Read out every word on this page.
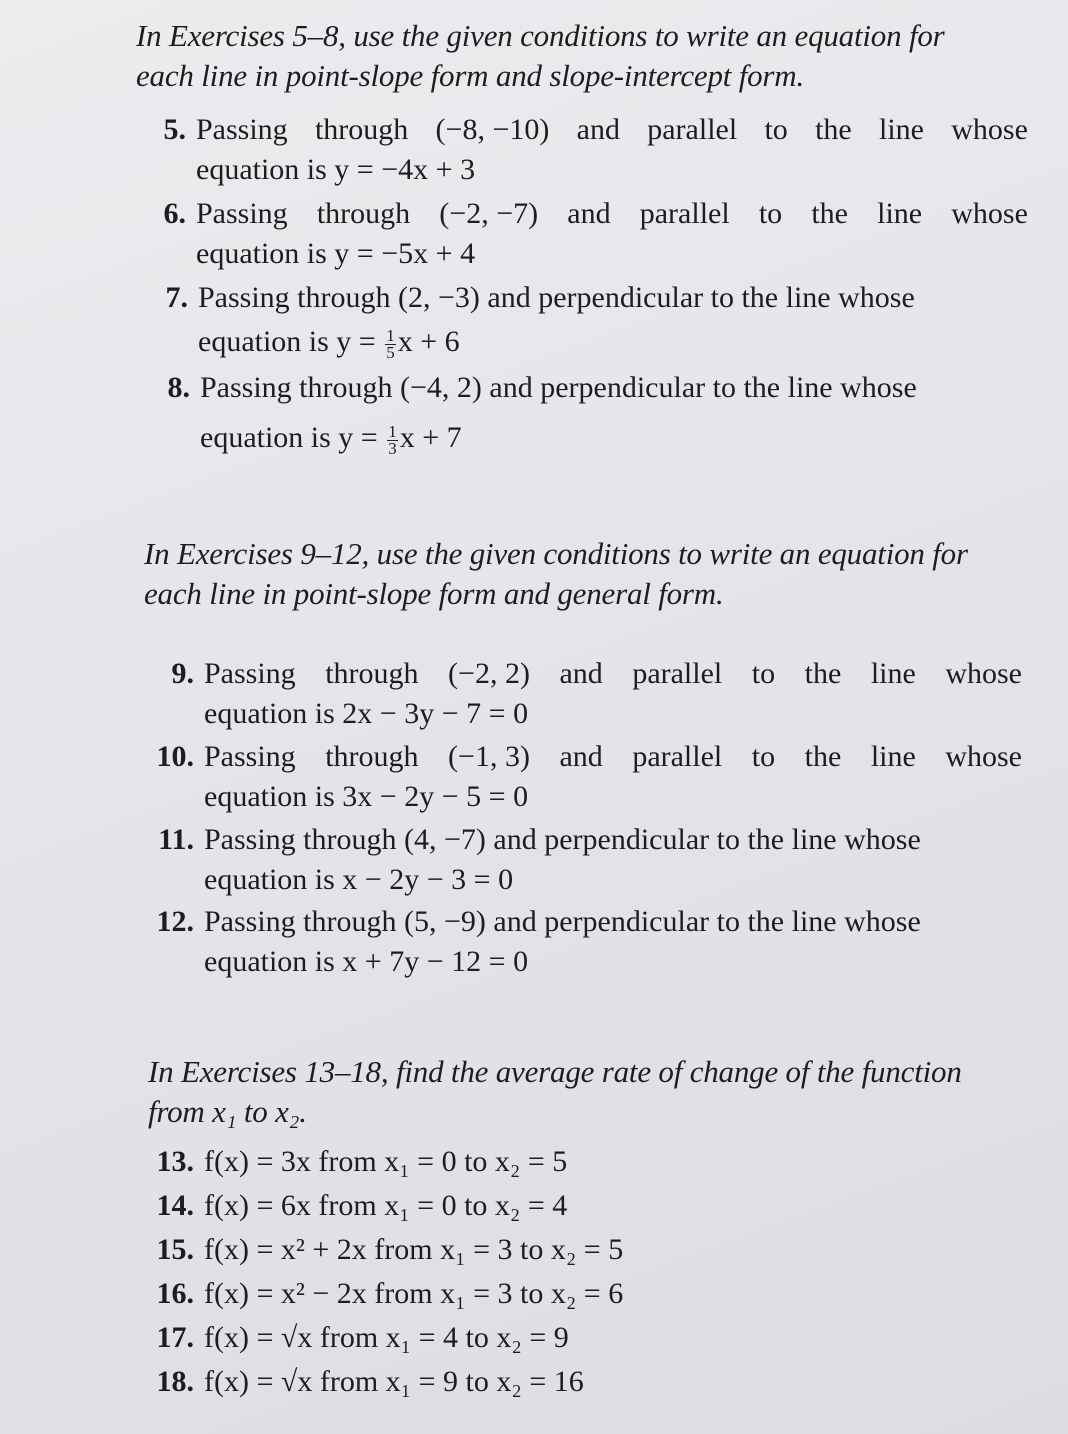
In Exercises 5–8, use the given conditions to write an equation for
each line in point-slope form and slope-intercept form.
5. Passing through (−8, −10) and parallel to the line whose
equation is y = −4x + 3
6. Passing through (−2, −7) and parallel to the line whose
equation is y = −5x + 4
7. Passing through (2, −3) and perpendicular to the line whose
equation is $y = \frac{1}{5}$ x + 6
8. Passing through (−4, 2) and perpendicular to the line whose
equation is $y = \frac{1}{3}$ x + 7
In Exercises 9–12, use the given conditions to write an equation for
each line in point-slope form and general form.
9. Passing through (−2, 2) and parallel to the line whose
equation is 2x − 3y − 7 = 0
10. Passing through (−1, 3) and parallel to the line whose
equation is 3x − 2y − 5 = 0
11. Passing through (4, −7) and perpendicular to the line whose
equation is x − 2y − 3 = 0
12. Passing through (5, −9) and perpendicular to the line whose
equation is x + 7y − 12 = 0
In Exercises 13–18, find the average rate of change of the function
from x₁ to x₂.
13. f(x) = 3x from x₁ = 0 to x₂ = 5
14. f(x) = 6x from x₁ = 0 to x₂ = 4
15. f(x) = x² + 2x from x₁ = 3 to x₂ = 5
16. f(x) = x² − 2x from x₁ = 3 to x₂ = 6
17. f(x) = √x from x₁ = 4 to x₂ = 9
18. f(x) = √x from x₁ = 9 to x₂ = 16
